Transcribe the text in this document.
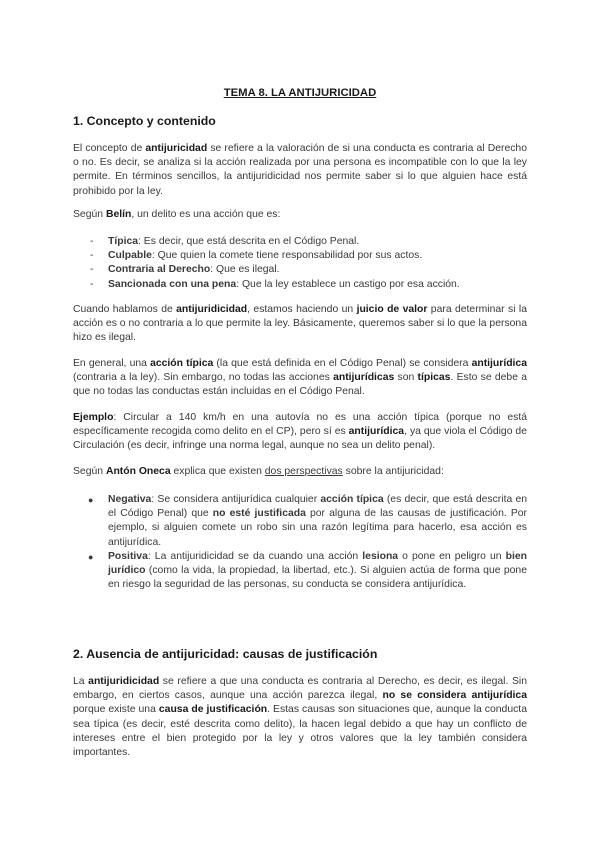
TEMA 8. LA ANTIJURICIDAD
1. Concepto y contenido

El concepto de antijuricidad se refiere a la valoración de si una conducta es contraria al Derecho o no. Es decir, se analiza si la acción realizada por una persona es incompatible con lo que la ley permite. En términos sencillos, la antijuridicidad nos permite saber si lo que alguien hace está prohibido por la ley.

Según Belín, un delito es una acción que es:

- Típica: Es decir, que está descrita en el Código Penal.
- Culpable: Que quien la comete tiene responsabilidad por sus actos.
- Contraria al Derecho: Que es ilegal.
- Sancionada con una pena: Que la ley establece un castigo por esa acción.

Cuando hablamos de antijuridicidad, estamos haciendo un juicio de valor para determinar si la acción es o no contraria a lo que permite la ley. Básicamente, queremos saber si lo que la persona hizo es ilegal.

En general, una acción típica (la que está definida en el Código Penal) se considera antijurídica (contraria a la ley). Sin embargo, no todas las acciones antijurídicas son típicas. Esto se debe a que no todas las conductas están incluidas en el Código Penal.

Ejemplo: Circular a 140 km/h en una autovía no es una acción típica (porque no está específicamente recogida como delito en el CP), pero sí es antijurídica, ya que viola el Código de Circulación (es decir, infringe una norma legal, aunque no sea un delito penal).

Según Antón Oneca explica que existen dos perspectivas sobre la antijuricidad:

● Negativa: Se considera antijurídica cualquier acción típica (es decir, que está descrita en el Código Penal) que no esté justificada por alguna de las causas de justificación. Por ejemplo, si alguien comete un robo sin una razón legítima para hacerlo, esa acción es antijurídica.
● Positiva: La antijuridicidad se da cuando una acción lesiona o pone en peligro un bien jurídico (como la vida, la propiedad, la libertad, etc.). Si alguien actúa de forma que pone en riesgo la seguridad de las personas, su conducta se considera antijurídica.
2. Ausencia de antijuricidad: causas de justificación

La antijuridicidad se refiere a que una conducta es contraria al Derecho, es decir, es ilegal. Sin embargo, en ciertos casos, aunque una acción parezca ilegal, no se considera antijurídica porque existe una causa de justificación. Estas causas son situaciones que, aunque la conducta sea típica (es decir, esté descrita como delito), la hacen legal debido a que hay un conflicto de intereses entre el bien protegido por la ley y otros valores que la ley también considera importantes.
